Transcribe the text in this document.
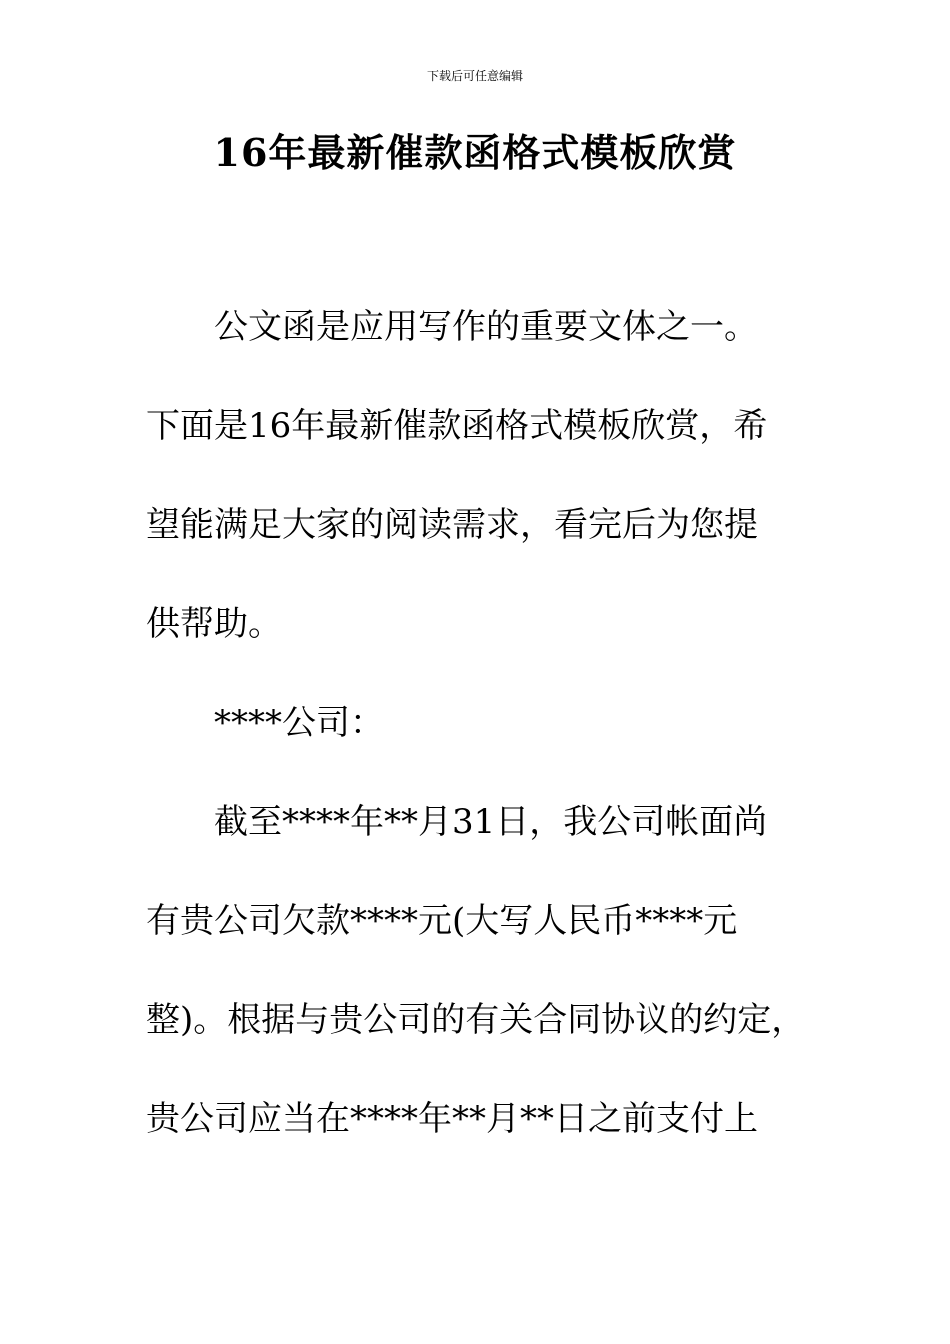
下载后可任意编辑
16年最新催款函格式模板欣赏
公文函是应用写作的重要文体之一。
下面是16年最新催款函格式模板欣赏，希
望能满足大家的阅读需求，看完后为您提
供帮助。
****公司：
截至****年**月31日，我公司帐面尚
有贵公司欠款****元(大写人民币****元
整)。根据与贵公司的有关合同协议的约定，
贵公司应当在****年**月**日之前支付上
